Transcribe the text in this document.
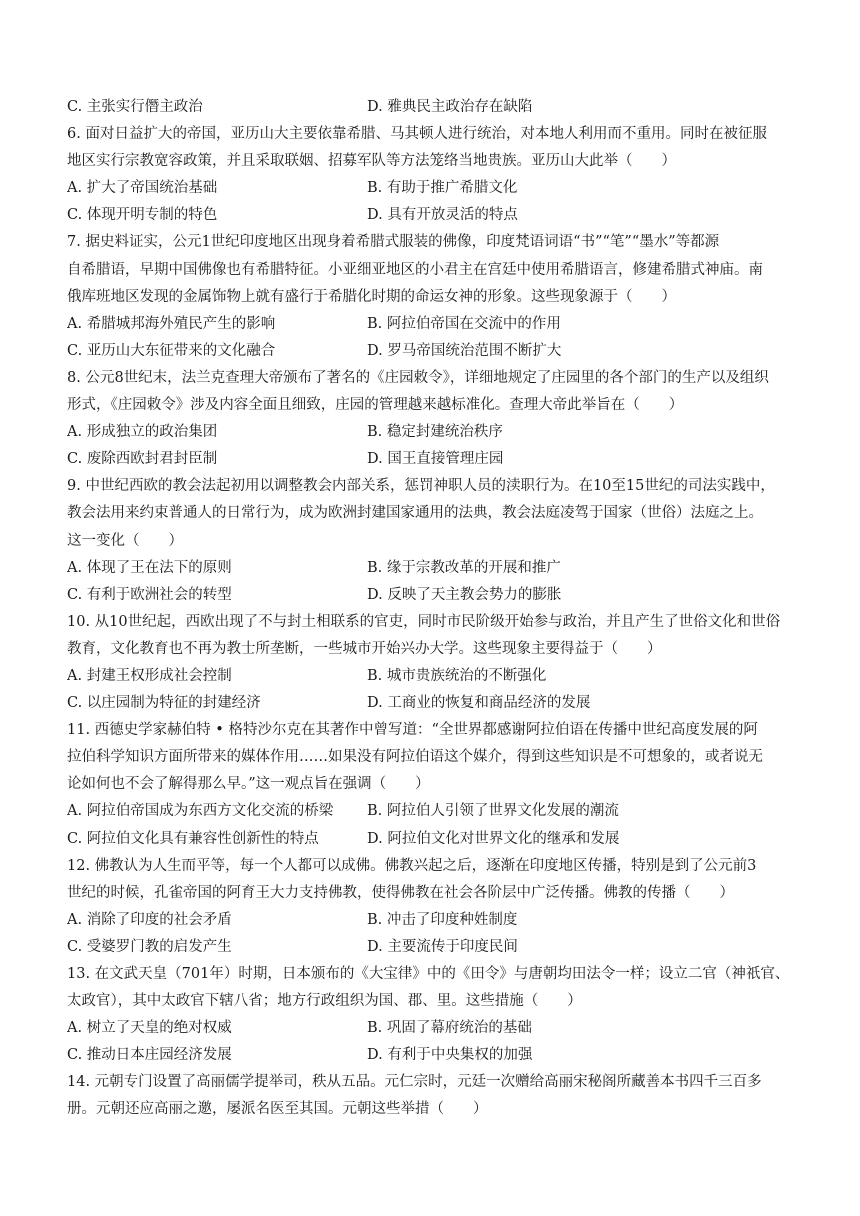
C. 主张实行僭主政治	D. 雅典民主政治存在缺陷
6. 面对日益扩大的帝国，亚历山大主要依靠希腊、马其顿人进行统治，对本地人利用而不重用。同时在被征服
地区实行宗教宽容政策，并且采取联姻、招募军队等方法笼络当地贵族。亚历山大此举（　　）
A. 扩大了帝国统治基础	B. 有助于推广希腊文化
C. 体现开明专制的特色	D. 具有开放灵活的特点
7. 据史料证实，公元1世纪印度地区出现身着希腊式服装的佛像，印度梵语词语“书”“笔”“墨水”等都源
自希腊语，早期中国佛像也有希腊特征。小亚细亚地区的小君主在宫廷中使用希腊语言，修建希腊式神庙。南
俄库班地区发现的金属饰物上就有盛行于希腊化时期的命运女神的形象。这些现象源于（　　）
A. 希腊城邦海外殖民产生的影响	B. 阿拉伯帝国在交流中的作用
C. 亚历山大东征带来的文化融合	D. 罗马帝国统治范围不断扩大
8. 公元8世纪末，法兰克查理大帝颁布了著名的《庄园敕令》，详细地规定了庄园里的各个部门的生产以及组织
形式，《庄园敕令》涉及内容全面且细致，庄园的管理越来越标准化。查理大帝此举旨在（　　）
A. 形成独立的政治集团	B. 稳定封建统治秩序
C. 废除西欧封君封臣制	D. 国王直接管理庄园
9. 中世纪西欧的教会法起初用以调整教会内部关系，惩罚神职人员的渎职行为。在10至15世纪的司法实践中，
教会法用来约束普通人的日常行为，成为欧洲封建国家通用的法典，教会法庭凌驾于国家（世俗）法庭之上。
这一变化（　　）
A. 体现了王在法下的原则	B. 缘于宗教改革的开展和推广
C. 有利于欧洲社会的转型	D. 反映了天主教会势力的膨胀
10. 从10世纪起，西欧出现了不与封土相联系的官吏，同时市民阶级开始参与政治，并且产生了世俗文化和世俗
教育，文化教育也不再为教士所垄断，一些城市开始兴办大学。这些现象主要得益于（　　）
A. 封建王权形成社会控制	B. 城市贵族统治的不断强化
C. 以庄园制为特征的封建经济	D. 工商业的恢复和商品经济的发展
11. 西德史学家赫伯特 • 格特沙尔克在其著作中曾写道：“全世界都感谢阿拉伯语在传播中世纪高度发展的阿
拉伯科学知识方面所带来的媒体作用……如果没有阿拉伯语这个媒介，得到这些知识是不可想象的，或者说无
论如何也不会了解得那么早。”这一观点旨在强调（　　）
A. 阿拉伯帝国成为东西方文化交流的桥梁	B. 阿拉伯人引领了世界文化发展的潮流
C. 阿拉伯文化具有兼容性创新性的特点	D. 阿拉伯文化对世界文化的继承和发展
12. 佛教认为人生而平等，每一个人都可以成佛。佛教兴起之后，逐渐在印度地区传播，特别是到了公元前3
世纪的时候，孔雀帝国的阿育王大力支持佛教，使得佛教在社会各阶层中广泛传播。佛教的传播（　　）
A. 消除了印度的社会矛盾	B. 冲击了印度种姓制度
C. 受婆罗门教的启发产生	D. 主要流传于印度民间
13. 在文武天皇（701年）时期，日本颁布的《大宝律》中的《田令》与唐朝均田法令一样；设立二官（神祇官、
太政官），其中太政官下辖八省；地方行政组织为国、郡、里。这些措施（　　）
A. 树立了天皇的绝对权威	B. 巩固了幕府统治的基础
C. 推动日本庄园经济发展	D. 有利于中央集权的加强
14. 元朝专门设置了高丽儒学提举司，秩从五品。元仁宗时，元廷一次赠给高丽宋秘阁所藏善本书四千三百多
册。元朝还应高丽之邀，屡派名医至其国。元朝这些举措（　　）
